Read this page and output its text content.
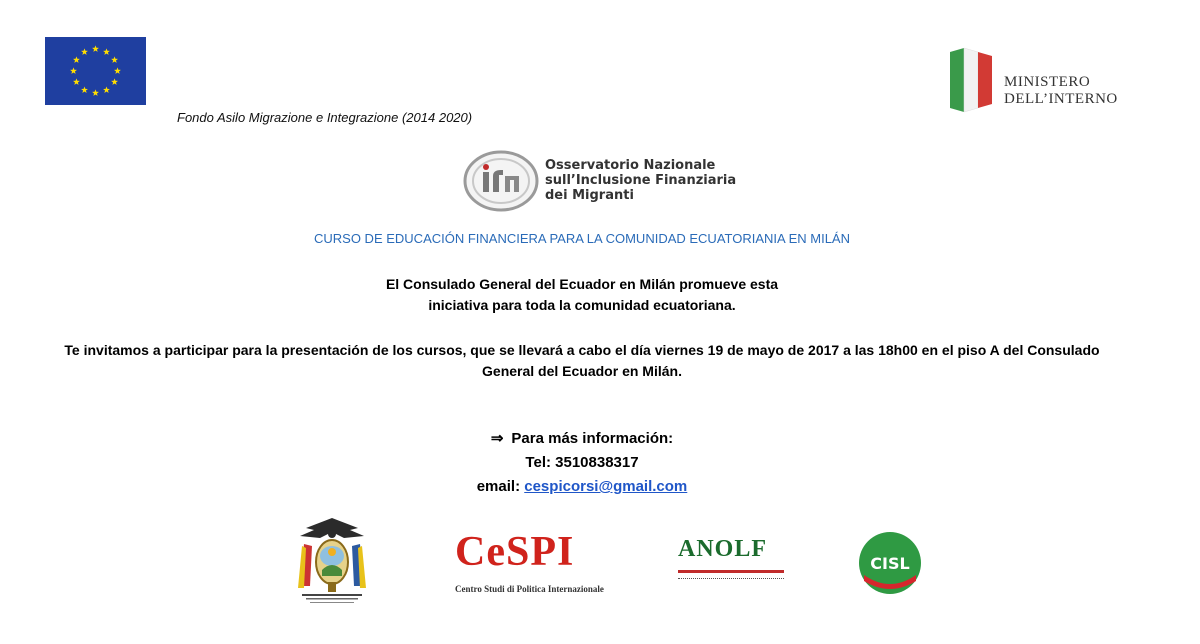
Fondo Asilo Migrazione e Integrazione (2014 2020)
MINISTERO
DELL’INTERNO
Osservatorio Nazionale
sull’Inclusione Finanziaria
dei Migranti
CURSO DE EDUCACIÓN FINANCIERA PARA LA COMUNIDAD ECUATORIANIA EN MILÁN
El Consulado General del Ecuador en Milán promueve esta
iniciativa para toda la comunidad ecuatoriana.
Te invitamos a participar para la presentación de los cursos, que se llevará a cabo el día viernes 19 de mayo de 2017 a las 18h00 en el piso A del Consulado
General del Ecuador en Milán.
⇒ Para más información:
Tel: 3510838317
email: cespicorsi@gmail.com
CeSPI
Centro Studi di Politica Internazionale
ANOLF
CISL
